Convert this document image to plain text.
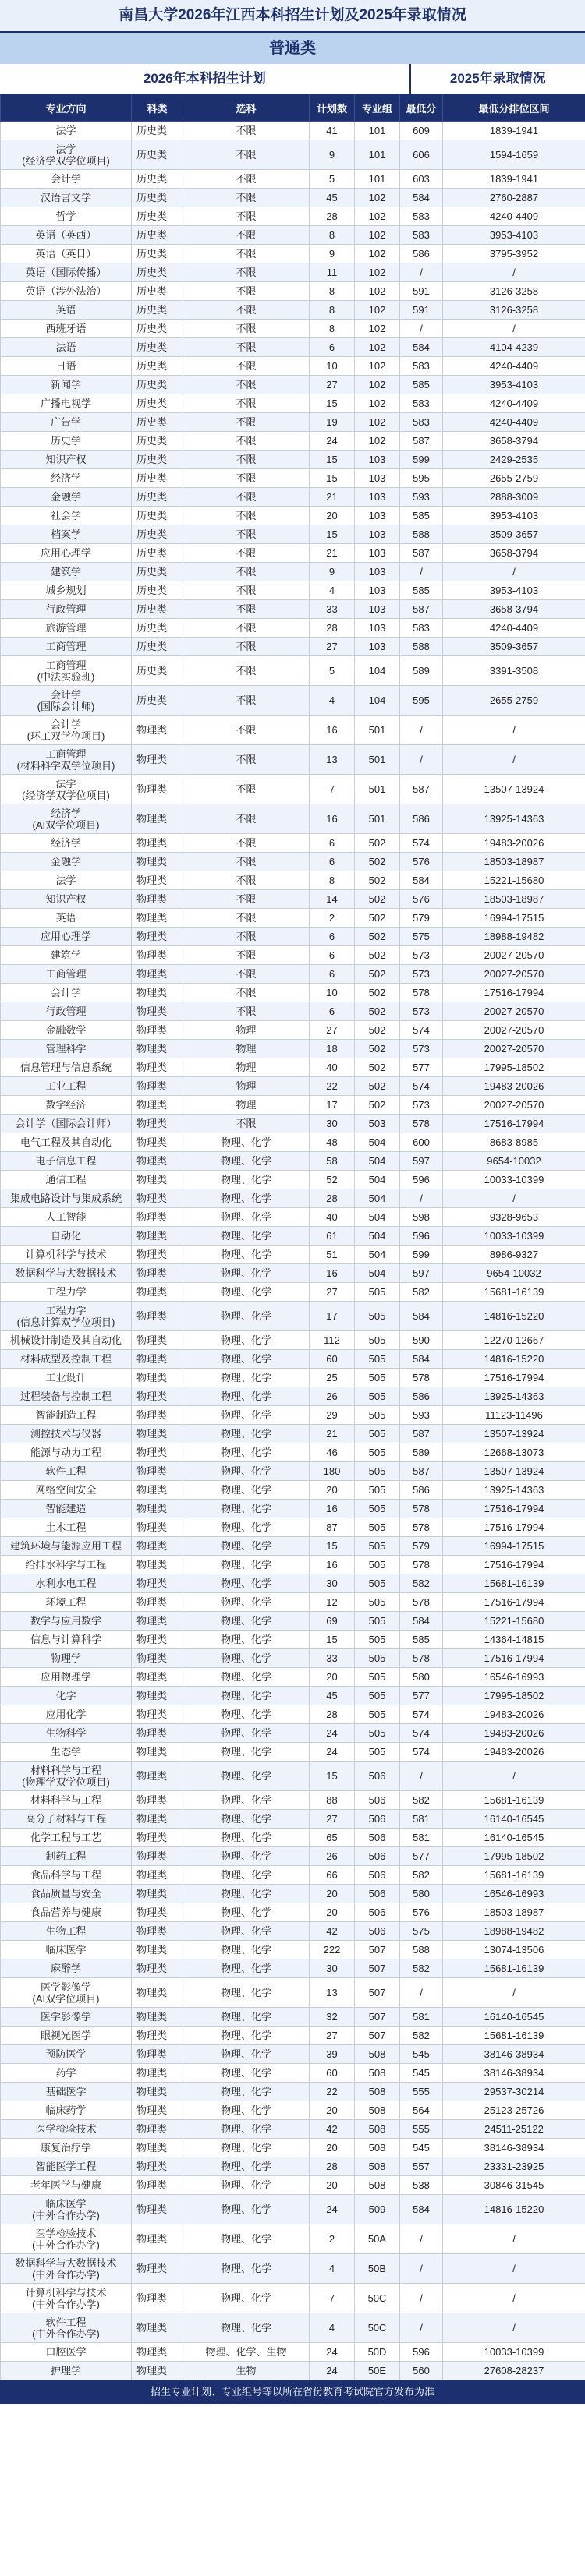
南昌大学2026年江西本科招生计划及2025年录取情况
普通类
2026年本科招生计划	2025年录取情况
专业方向	科类	选科	计划数	专业组	最低分	最低分排位区间
法学	历史类	不限	41	101	609	1839-1941
法学
(经济学双学位项目)	历史类	不限	9	101	606	1594-1659
会计学	历史类	不限	5	101	603	1839-1941
汉语言文学	历史类	不限	45	102	584	2760-2887
哲学	历史类	不限	28	102	583	4240-4409
英语（英西）	历史类	不限	8	102	583	3953-4103
英语（英日）	历史类	不限	9	102	586	3795-3952
英语（国际传播）	历史类	不限	11	102	/	/
英语（涉外法治）	历史类	不限	8	102	591	3126-3258
英语	历史类	不限	8	102	591	3126-3258
西班牙语	历史类	不限	8	102	/	/
法语	历史类	不限	6	102	584	4104-4239
日语	历史类	不限	10	102	583	4240-4409
新闻学	历史类	不限	27	102	585	3953-4103
广播电视学	历史类	不限	15	102	583	4240-4409
广告学	历史类	不限	19	102	583	4240-4409
历史学	历史类	不限	24	102	587	3658-3794
知识产权	历史类	不限	15	103	599	2429-2535
经济学	历史类	不限	15	103	595	2655-2759
金融学	历史类	不限	21	103	593	2888-3009
社会学	历史类	不限	20	103	585	3953-4103
档案学	历史类	不限	15	103	588	3509-3657
应用心理学	历史类	不限	21	103	587	3658-3794
建筑学	历史类	不限	9	103	/	/
城乡规划	历史类	不限	4	103	585	3953-4103
行政管理	历史类	不限	33	103	587	3658-3794
旅游管理	历史类	不限	28	103	583	4240-4409
工商管理	历史类	不限	27	103	588	3509-3657
工商管理
(中法实验班)	历史类	不限	5	104	589	3391-3508
会计学
(国际会计师)	历史类	不限	4	104	595	2655-2759
会计学
(环工双学位项目)	物理类	不限	16	501	/	/
工商管理
(材料科学双学位项目)	物理类	不限	13	501	/	/
法学
(经济学双学位项目)	物理类	不限	7	501	587	13507-13924
经济学
(AI双学位项目)	物理类	不限	16	501	586	13925-14363
经济学	物理类	不限	6	502	574	19483-20026
金融学	物理类	不限	6	502	576	18503-18987
法学	物理类	不限	8	502	584	15221-15680
知识产权	物理类	不限	14	502	576	18503-18987
英语	物理类	不限	2	502	579	16994-17515
应用心理学	物理类	不限	6	502	575	18988-19482
建筑学	物理类	不限	6	502	573	20027-20570
工商管理	物理类	不限	6	502	573	20027-20570
会计学	物理类	不限	10	502	578	17516-17994
行政管理	物理类	不限	6	502	573	20027-20570
金融数学	物理类	物理	27	502	574	20027-20570
管理科学	物理类	物理	18	502	573	20027-20570
信息管理与信息系统	物理类	物理	40	502	577	17995-18502
工业工程	物理类	物理	22	502	574	19483-20026
数字经济	物理类	物理	17	502	573	20027-20570
会计学（国际会计师）	物理类	不限	30	503	578	17516-17994
电气工程及其自动化	物理类	物理、化学	48	504	600	8683-8985
电子信息工程	物理类	物理、化学	58	504	597	9654-10032
通信工程	物理类	物理、化学	52	504	596	10033-10399
集成电路设计与集成系统	物理类	物理、化学	28	504	/	/
人工智能	物理类	物理、化学	40	504	598	9328-9653
自动化	物理类	物理、化学	61	504	596	10033-10399
计算机科学与技术	物理类	物理、化学	51	504	599	8986-9327
数据科学与大数据技术	物理类	物理、化学	16	504	597	9654-10032
工程力学	物理类	物理、化学	27	505	582	15681-16139
工程力学
(信息计算双学位项目)	物理类	物理、化学	17	505	584	14816-15220
机械设计制造及其自动化	物理类	物理、化学	112	505	590	12270-12667
材料成型及控制工程	物理类	物理、化学	60	505	584	14816-15220
工业设计	物理类	物理、化学	25	505	578	17516-17994
过程装备与控制工程	物理类	物理、化学	26	505	586	13925-14363
智能制造工程	物理类	物理、化学	29	505	593	11123-11496
测控技术与仪器	物理类	物理、化学	21	505	587	13507-13924
能源与动力工程	物理类	物理、化学	46	505	589	12668-13073
软件工程	物理类	物理、化学	180	505	587	13507-13924
网络空间安全	物理类	物理、化学	20	505	586	13925-14363
智能建造	物理类	物理、化学	16	505	578	17516-17994
土木工程	物理类	物理、化学	87	505	578	17516-17994
建筑环境与能源应用工程	物理类	物理、化学	15	505	579	16994-17515
给排水科学与工程	物理类	物理、化学	16	505	578	17516-17994
水利水电工程	物理类	物理、化学	30	505	582	15681-16139
环境工程	物理类	物理、化学	12	505	578	17516-17994
数学与应用数学	物理类	物理、化学	69	505	584	15221-15680
信息与计算科学	物理类	物理、化学	15	505	585	14364-14815
物理学	物理类	物理、化学	33	505	578	17516-17994
应用物理学	物理类	物理、化学	20	505	580	16546-16993
化学	物理类	物理、化学	45	505	577	17995-18502
应用化学	物理类	物理、化学	28	505	574	19483-20026
生物科学	物理类	物理、化学	24	505	574	19483-20026
生态学	物理类	物理、化学	24	505	574	19483-20026
材料科学与工程
(物理学双学位项目)	物理类	物理、化学	15	506	/	/
材料科学与工程	物理类	物理、化学	88	506	582	15681-16139
高分子材料与工程	物理类	物理、化学	27	506	581	16140-16545
化学工程与工艺	物理类	物理、化学	65	506	581	16140-16545
制药工程	物理类	物理、化学	26	506	577	17995-18502
食品科学与工程	物理类	物理、化学	66	506	582	15681-16139
食品质量与安全	物理类	物理、化学	20	506	580	16546-16993
食品营养与健康	物理类	物理、化学	20	506	576	18503-18987
生物工程	物理类	物理、化学	42	506	575	18988-19482
临床医学	物理类	物理、化学	222	507	588	13074-13506
麻醉学	物理类	物理、化学	30	507	582	15681-16139
医学影像学
(AI双学位项目)	物理类	物理、化学	13	507	/	/
医学影像学	物理类	物理、化学	32	507	581	16140-16545
眼视光医学	物理类	物理、化学	27	507	582	15681-16139
预防医学	物理类	物理、化学	39	508	545	38146-38934
药学	物理类	物理、化学	60	508	545	38146-38934
基础医学	物理类	物理、化学	22	508	555	29537-30214
临床药学	物理类	物理、化学	20	508	564	25123-25726
医学检验技术	物理类	物理、化学	42	508	555	24511-25122
康复治疗学	物理类	物理、化学	20	508	545	38146-38934
智能医学工程	物理类	物理、化学	28	508	557	23331-23925
老年医学与健康	物理类	物理、化学	20	508	538	30846-31545
临床医学
(中外合作办学)	物理类	物理、化学	24	509	584	14816-15220
医学检验技术
(中外合作办学)	物理类	物理、化学	2	50A	/	/
数据科学与大数据技术
(中外合作办学)	物理类	物理、化学	4	50B	/	/
计算机科学与技术
(中外合作办学)	物理类	物理、化学	7	50C	/	/
软件工程
(中外合作办学)	物理类	物理、化学	4	50C	/	/
口腔医学	物理类	物理、化学、生物	24	50D	596	10033-10399
护理学	物理类	生物	24	50E	560	27608-28237
招生专业计划、专业组号等以所在省份教育考试院官方发布为准
